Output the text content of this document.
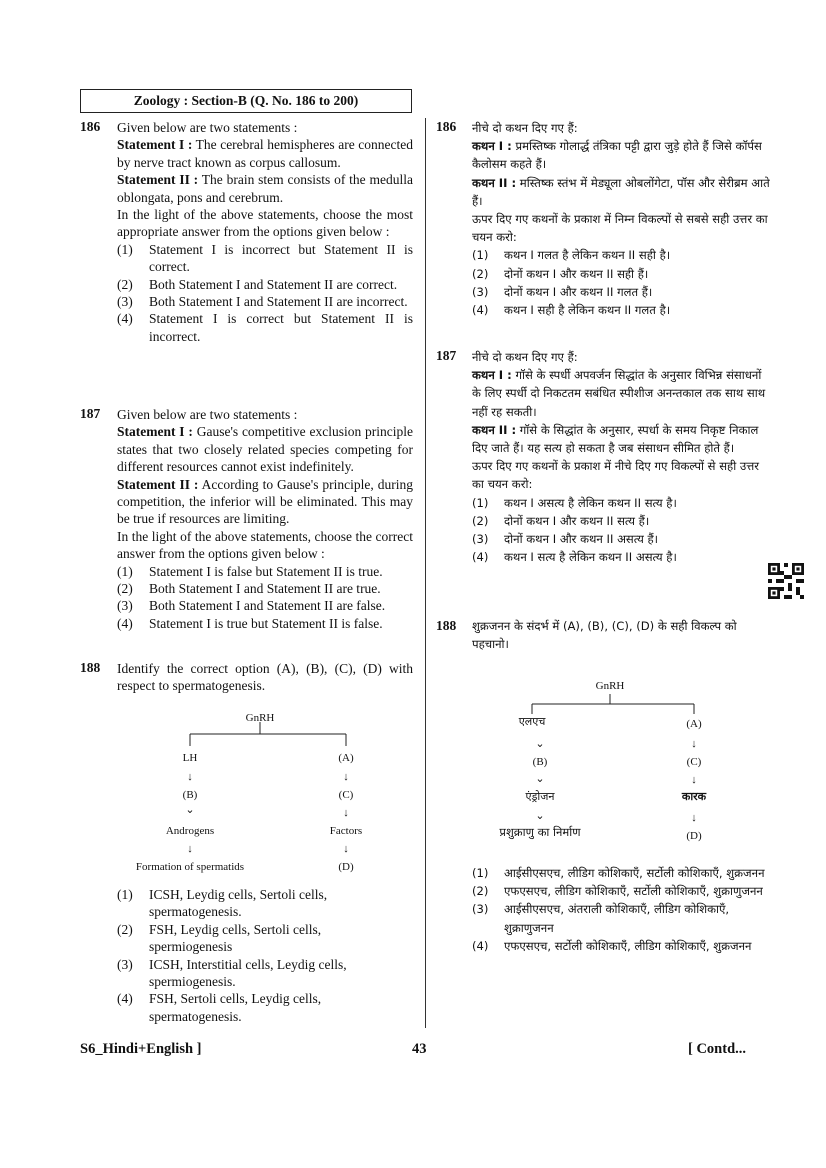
Zoology : Section-B (Q. No. 186 to 200)
186 Given below are two statements :

Statement I : The cerebral hemispheres are connected by nerve tract known as corpus callosum.

Statement II : The brain stem consists of the medulla oblongata, pons and cerebrum.

In the light of the above statements, choose the most appropriate answer from the options given below :

(1)	Statement I is incorrect but Statement II is correct.
(2)	Both Statement I and Statement II are correct.
(3)	Both Statement I and Statement II are incorrect.
(4)	Statement I is correct but Statement II is incorrect.
187 Given below are two statements :

Statement I : Gause's competitive exclusion principle states that two closely related species competing for different resources cannot exist indefinitely.

Statement II : According to Gause's principle, during competition, the inferior will be eliminated. This may be true if resources are limiting.

In the light of the above statements, choose the correct answer from the options given below :

(1)	Statement I is false but Statement II is true.
(2)	Both Statement I and Statement II are true.
(3)	Both Statement I and Statement II are false.
(4)	Statement I is true but Statement II is false.
188 Identify the correct option (A), (B), (C), (D) with respect to spermatogenesis.
GnRH
LH	(A)
↓	↓
(B)	(C)
⌄	↓
Androgens	Factors
↓	↓
Formation of spermatids	(D)
(1)	ICSH, Leydig cells, Sertoli cells, spermatogenesis.
(2)	FSH, Leydig cells, Sertoli cells, spermiogenesis
(3)	ICSH, Interstitial cells, Leydig cells, spermiogenesis.
(4)	FSH, Sertoli cells, Leydig cells, spermatogenesis.
186 नीचे दो कथन दिए गए हैं:

कथन I : प्रमस्तिष्क गोलार्द्ध तंत्रिका पट्टी द्वारा जुड़े होते हैं जिसे कॉर्पस कैलोसम कहते हैं।

कथन II : मस्तिष्क स्तंभ में मेड्यूला ओबलोंगेटा, पॉस और सेरीब्रम आते हैं।

ऊपर दिए गए कथनों के प्रकाश में निम्न विकल्पों से सबसे सही उत्तर का चयन करो:

(1)	कथन I गलत है लेकिन कथन II सही है।
(2)	दोनों कथन I और कथन II सही हैं।
(3)	दोनों कथन I और कथन II गलत हैं।
(4)	कथन I सही है लेकिन कथन II गलत है।
187 नीचे दो कथन दिए गए हैं:

कथन I : गॉसे के स्पर्धी अपवर्जन सिद्धांत के अनुसार विभिन्न संसाधनों के लिए स्पर्धी दो निकटतम सबंधित स्पीशीज अनन्तकाल तक साथ साथ नहीं रह सकती।

कथन II : गॉसे के सिद्धांत के अनुसार, स्पर्धा के समय निकृष्ट निकाल दिए जाते हैं। यह सत्य हो सकता है जब संसाधन सीमित होते हैं।

ऊपर दिए गए कथनों के प्रकाश में नीचे दिए गए विकल्पों से सही उत्तर का चयन करो:

(1)	कथन I असत्य है लेकिन कथन II सत्य है।
(2)	दोनों कथन I और कथन II सत्य हैं।
(3)	दोनों कथन I और कथन II असत्य हैं।
(4)	कथन I सत्य है लेकिन कथन II असत्य है।
188 शुक्रजनन के संदर्भ में (A), (B), (C), (D) के सही विकल्प को पहचानो।
GnRH
एलएच	(A)
⌄	↓
(B)	(C)
⌄	↓
एंड्रोजन	कारक
⌄	↓
प्रशुक्राणु का निर्माण	(D)
(1)	आईसीएसएच, लीडिग कोशिकाएँ, सर्टोली कोशिकाएँ, शुक्रजनन
(2)	एफएसएच, लीडिग कोशिकाएँ, सर्टोली कोशिकाएँ, शुक्राणुजनन
(3)	आईसीएसएच, अंतराली कोशिकाएँ, लीडिग कोशिकाएँ, शुक्राणुजनन
(4)	एफएसएच, सर्टोली कोशिकाएँ, लीडिग कोशिकाएँ, शुक्रजनन
S6_Hindi+English ]	43	[ Contd...
